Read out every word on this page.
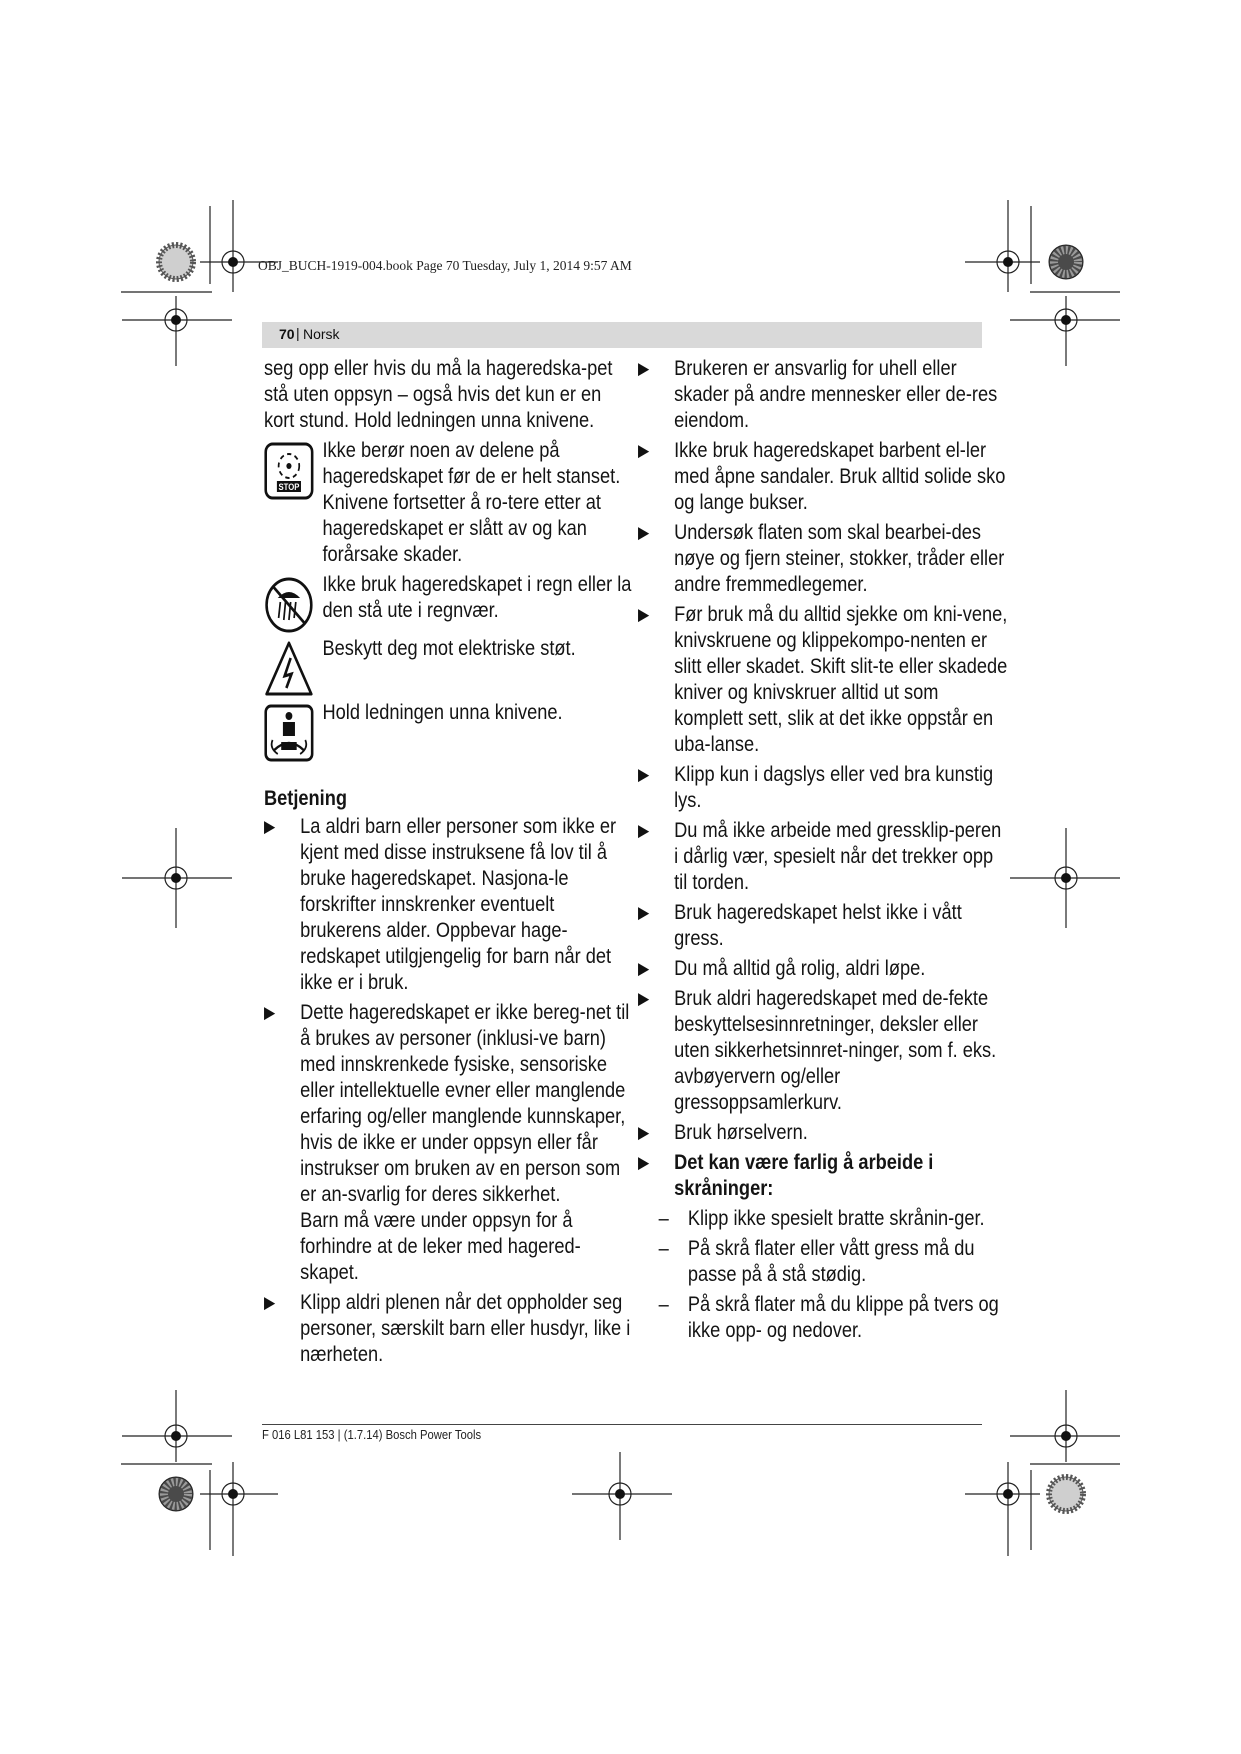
OBJ_BUCH-1919-004.book Page 70 Tuesday, July 1, 2014 9:57 AM
70 | Norsk

seg opp eller hvis du må la hageredska-pet stå uten oppsyn – også hvis det kun er en kort stund. Hold ledningen unna knivene.

STOP

Ikke berør noen av delene på hageredskapet før de er helt stanset. Knivene fortsetter å ro-tere etter at hageredskapet er slått av og kan forårsake skader.

Ikke bruk hageredskapet i regn eller la den stå ute i regnvær.

Beskytt deg mot elektriske støt.

Hold ledningen unna knivene.

Betjening
▶ La aldri barn eller personer som ikke er kjent med disse instruksene få lov til å bruke hageredskapet. Nasjona-le forskrifter innskrenker eventuelt brukerens alder. Oppbevar hage-redskapet utilgjengelig for barn når det ikke er i bruk.
▶ Dette hageredskapet er ikke bereg-net til å brukes av personer (inklusi-ve barn) med innskrenkede fysiske, sensoriske eller intellektuelle evner eller manglende erfaring og/eller manglende kunnskaper, hvis de ikke er under oppsyn eller får instrukser om bruken av en person som er an-svarlig for deres sikkerhet.
Barn må være under oppsyn for å forhindre at de leker med hagered-skapet.
▶ Klipp aldri plenen når det oppholder seg personer, særskilt barn eller husdyr, like i nærheten.
▶ Brukeren er ansvarlig for uhell eller skader på andre mennesker eller de-res eiendom.
▶ Ikke bruk hageredskapet barbent el-ler med åpne sandaler. Bruk alltid solide sko og lange bukser.
▶ Undersøk flaten som skal bearbei-des nøye og fjern steiner, stokker, tråder eller andre fremmedlegemer.
▶ Før bruk må du alltid sjekke om kni-vene, knivskruene og klippekompo-nenten er slitt eller skadet. Skift slit-te eller skadede kniver og knivskruer alltid ut som komplett sett, slik at det ikke oppstår en uba-lanse.
▶ Klipp kun i dagslys eller ved bra kunstig lys.
▶ Du må ikke arbeide med gressklip-peren i dårlig vær, spesielt når det trekker opp til torden.
▶ Bruk hageredskapet helst ikke i vått gress.
▶ Du må alltid gå rolig, aldri løpe.
▶ Bruk aldri hageredskapet med de-fekte beskyttelsesinnretninger, deksler eller uten sikkerhetsinnret-ninger, som f. eks. avbøyervern og/eller gressoppsamlerkurv.
▶ Bruk hørselvern.
▶ Det kan være farlig å arbeide i skråninger:
– Klipp ikke spesielt bratte skrånin-ger.
– På skrå flater eller vått gress må du passe på å stå stødig.
– På skrå flater må du klippe på tvers og ikke opp- og nedover.
F 016 L81 153 | (1.7.14) Bosch Power Tools
